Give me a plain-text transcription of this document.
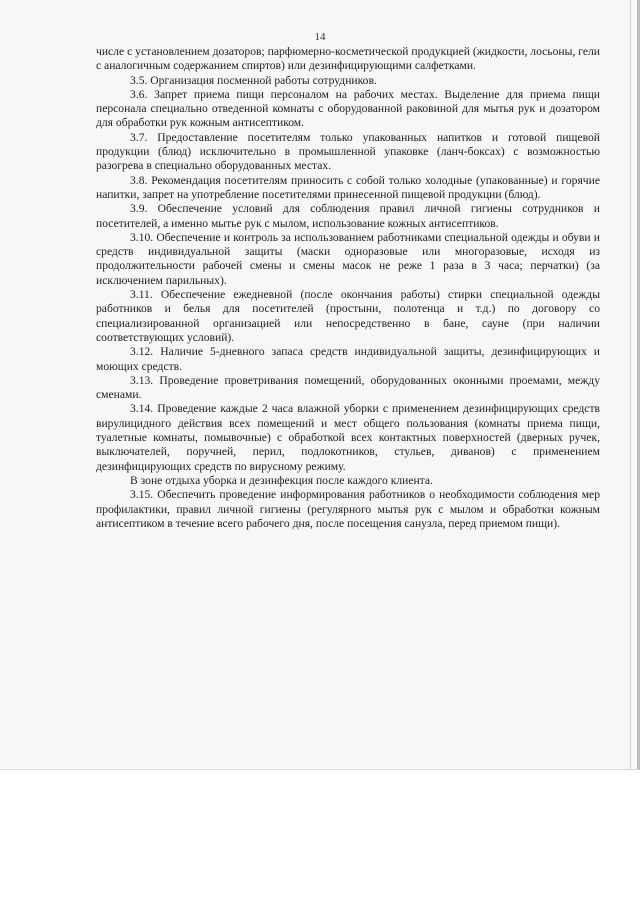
14

числе с установлением дозаторов; парфюмерно-косметической продукцией (жидкости, лосьоны, гели с аналогичным содержанием спиртов) или дезинфицирующими салфетками.

3.5. Организация посменной работы сотрудников.

3.6. Запрет приема пищи персоналом на рабочих местах. Выделение для приема пищи персонала специально отведенной комнаты с оборудованной раковиной для мытья рук и дозатором для обработки рук кожным антисептиком.

3.7. Предоставление посетителям только упакованных напитков и готовой пищевой продукции (блюд) исключительно в промышленной упаковке (ланч-боксах) с возможностью разогрева в специально оборудованных местах.

3.8. Рекомендация посетителям приносить с собой только холодные (упакованные) и горячие напитки, запрет на употребление посетителями принесенной пищевой продукции (блюд).

3.9. Обеспечение условий для соблюдения правил личной гигиены сотрудников и посетителей, а именно мытье рук с мылом, использование кожных антисептиков.

3.10. Обеспечение и контроль за использованием работниками специальной одежды и обуви и средств индивидуальной защиты (маски одноразовые или многоразовые, исходя из продолжительности рабочей смены и смены масок не реже 1 раза в 3 часа; перчатки) (за исключением парильных).

3.11. Обеспечение ежедневной (после окончания работы) стирки специальной одежды работников и белья для посетителей (простыни, полотенца и т.д.) по договору со специализированной организацией или непосредственно в бане, сауне (при наличии соответствующих условий).

3.12. Наличие 5-дневного запаса средств индивидуальной защиты, дезинфицирующих и моющих средств.

3.13. Проведение проветривания помещений, оборудованных оконными проемами, между сменами.

3.14. Проведение каждые 2 часа влажной уборки с применением дезинфицирующих средств вирулицидного действия всех помещений и мест общего пользования (комнаты приема пищи, туалетные комнаты, помывочные) с обработкой всех контактных поверхностей (дверных ручек, выключателей, поручней, перил, подлокотников, стульев, диванов) с применением дезинфицирующих средств по вирусному режиму.

В зоне отдыха уборка и дезинфекция после каждого клиента.

3.15. Обеспечить проведение информирования работников о необходимости соблюдения мер профилактики, правил личной гигиены (регулярного мытья рук с мылом и обработки кожным антисептиком в течение всего рабочего дня, после посещения санузла, перед приемом пищи).
